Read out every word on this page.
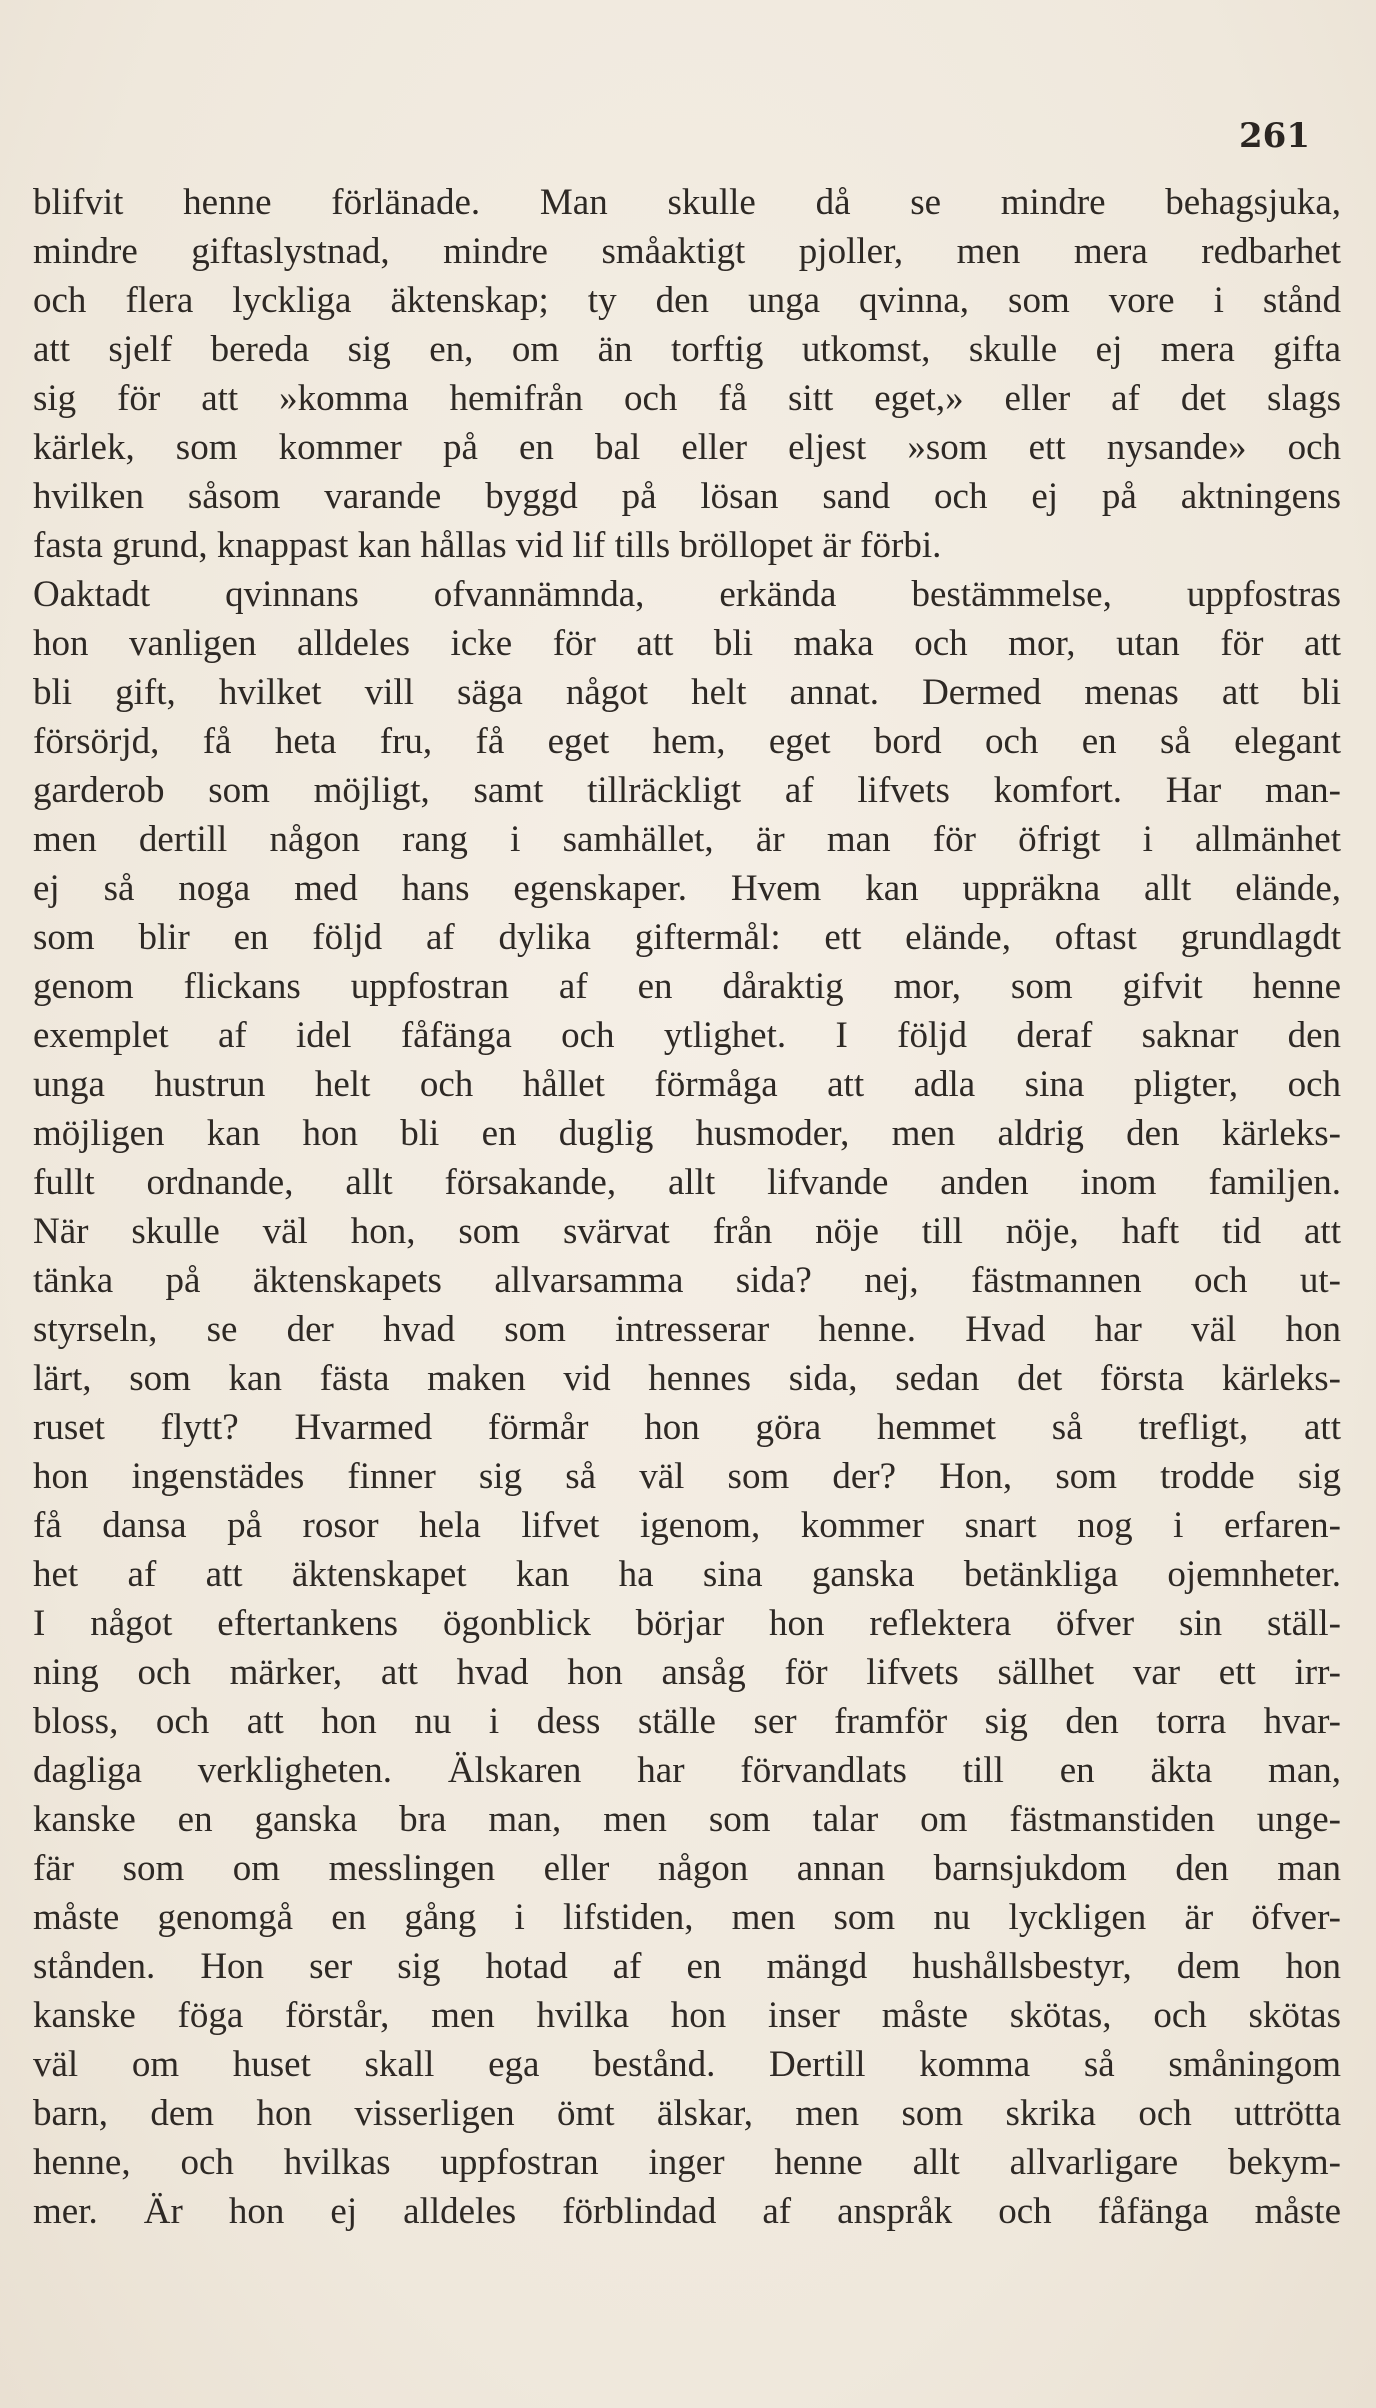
261
blifvit henne förlänade. Man skulle då se mindre behagsjuka,
mindre giftaslystnad, mindre småaktigt pjoller, men mera redbarhet
och flera lyckliga äktenskap; ty den unga qvinna, som vore i stånd
att sjelf bereda sig en, om än torftig utkomst, skulle ej mera gifta
sig för att »komma hemifrån och få sitt eget,» eller af det slags
kärlek, som kommer på en bal eller eljest »som ett nysande» och
hvilken såsom varande byggd på lösan sand och ej på aktningens
fasta grund, knappast kan hållas vid lif tills bröllopet är förbi.
Oaktadt qvinnans ofvannämnda, erkända bestämmelse, uppfostras
hon vanligen alldeles icke för att bli maka och mor, utan för att
bli gift, hvilket vill säga något helt annat. Dermed menas att bli
försörjd, få heta fru, få eget hem, eget bord och en så elegant
garderob som möjligt, samt tillräckligt af lifvets komfort. Har man-
men dertill någon rang i samhället, är man för öfrigt i allmänhet
ej så noga med hans egenskaper. Hvem kan uppräkna allt elände,
som blir en följd af dylika giftermål: ett elände, oftast grundlagdt
genom flickans uppfostran af en dåraktig mor, som gifvit henne
exemplet af idel fåfänga och ytlighet. I följd deraf saknar den
unga hustrun helt och hållet förmåga att adla sina pligter, och
möjligen kan hon bli en duglig husmoder, men aldrig den kärleks-
fullt ordnande, allt försakande, allt lifvande anden inom familjen.
När skulle väl hon, som svärvat från nöje till nöje, haft tid att
tänka på äktenskapets allvarsamma sida? nej, fästmannen och ut-
styrseln, se der hvad som intresserar henne. Hvad har väl hon
lärt, som kan fästa maken vid hennes sida, sedan det första kärleks-
ruset flytt? Hvarmed förmår hon göra hemmet så trefligt, att
hon ingenstädes finner sig så väl som der? Hon, som trodde sig
få dansa på rosor hela lifvet igenom, kommer snart nog i erfaren-
het af att äktenskapet kan ha sina ganska betänkliga ojemnheter.
I något eftertankens ögonblick börjar hon reflektera öfver sin ställ-
ning och märker, att hvad hon ansåg för lifvets sällhet var ett irr-
bloss, och att hon nu i dess ställe ser framför sig den torra hvar-
dagliga verkligheten. Älskaren har förvandlats till en äkta man,
kanske en ganska bra man, men som talar om fästmanstiden unge-
fär som om messlingen eller någon annan barnsjukdom den man
måste genomgå en gång i lifstiden, men som nu lyckligen är öfver-
stånden. Hon ser sig hotad af en mängd hushållsbestyr, dem hon
kanske föga förstår, men hvilka hon inser måste skötas, och skötas
väl om huset skall ega bestånd. Dertill komma så småningom
barn, dem hon visserligen ömt älskar, men som skrika och uttrötta
henne, och hvilkas uppfostran inger henne allt allvarligare bekym-
mer. Är hon ej alldeles förblindad af anspråk och fåfänga måste
